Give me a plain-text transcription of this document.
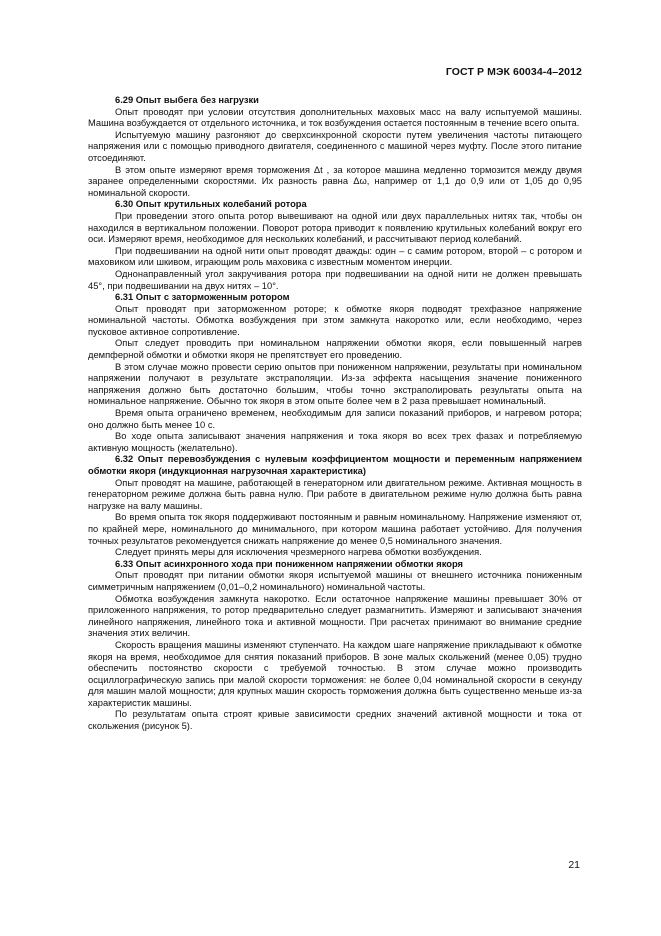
ГОСТ Р МЭК 60034-4–2012

6.29 Опыт выбега без нагрузки

Опыт проводят при условии отсутствия дополнительных маховых масс на валу испытуемой машины. Машина возбуждается от отдельного источника, и ток возбуждения остается постоянным в течение всего опыта.

Испытуемую машину разгоняют до сверхсинхронной скорости путем увеличения частоты питающего напряжения или с помощью приводного двигателя, соединенного с машиной через муфту. После этого питание отсоединяют.

В этом опыте измеряют время торможения Δt , за которое машина медленно тормозится между двумя заранее определенными скоростями. Их разность равна Δω, например от 1,1 до 0,9 или от 1,05 до 0,95 номинальной скорости.

6.30 Опыт крутильных колебаний ротора

При проведении этого опыта ротор вывешивают на одной или двух параллельных нитях так, чтобы он находился в вертикальном положении. Поворот ротора приводит к появлению крутильных колебаний вокруг его оси. Измеряют время, необходимое для нескольких колебаний, и рассчитывают период колебаний.

При подвешивании на одной нити опыт проводят дважды: один – с самим ротором, второй – с ротором и маховиком или шкивом, играющим роль маховика с известным моментом инерции.

Однонаправленный угол закручивания ротора при подвешивании на одной нити не должен превышать 45°, при подвешивании на двух нитях – 10°.

6.31 Опыт с заторможенным ротором

Опыт проводят при заторможенном роторе; к обмотке якоря подводят трехфазное напряжение номинальной частоты. Обмотка возбуждения при этом замкнута накоротко или, если необходимо, через пусковое активное сопротивление.

Опыт следует проводить при номинальном напряжении обмотки якоря, если повышенный нагрев демпферной обмотки и обмотки якоря не препятствует его проведению.

В этом случае можно провести серию опытов при пониженном напряжении, результаты при номинальном напряжении получают в результате экстраполяции. Из-за эффекта насыщения значение пониженного напряжения должно быть достаточно большим, чтобы точно экстраполировать результаты опыта на номинальное напряжение. Обычно ток якоря в этом опыте более чем в 2 раза превышает номинальный.

Время опыта ограничено временем, необходимым для записи показаний приборов, и нагревом ротора; оно должно быть менее 10 с.

Во ходе опыта записывают значения напряжения и тока якоря во всех трех фазах и потребляемую активную мощность (желательно).

6.32 Опыт перевозбуждения с нулевым коэффициентом мощности и переменным напряжением обмотки якоря (индукционная нагрузочная характеристика)

Опыт проводят на машине, работающей в генераторном или двигательном режиме. Активная мощность в генераторном режиме должна быть равна нулю. При работе в двигательном режиме нулю должна быть равна нагрузке на валу машины.

Во время опыта ток якоря поддерживают постоянным и равным номинальному. Напряжение изменяют от, по крайней мере, номинального до минимального, при котором машина работает устойчиво. Для получения точных результатов рекомендуется снижать напряжение до менее 0,5 номинального значения.

Следует принять меры для исключения чрезмерного нагрева обмотки возбуждения.

6.33 Опыт асинхронного хода при пониженном напряжении обмотки якоря

Опыт проводят при питании обмотки якоря испытуемой машины от внешнего источника пониженным симметричным напряжением (0,01–0,2 номинального) номинальной частоты.

Обмотка возбуждения замкнута накоротко. Если остаточное напряжение машины превышает 30% от приложенного напряжения, то ротор предварительно следует размагнитить. Измеряют и записывают значения линейного напряжения, линейного тока и активной мощности. При расчетах принимают во внимание средние значения этих величин.

Скорость вращения машины изменяют ступенчато. На каждом шаге напряжение прикладывают к обмотке якоря на время, необходимое для снятия показаний приборов. В зоне малых скольжений (менее 0,05) трудно обеспечить постоянство скорости с требуемой точностью. В этом случае можно производить осциллографическую запись при малой скорости торможения: не более 0,04 номинальной скорости в секунду для машин малой мощности; для крупных машин скорость торможения должна быть существенно меньше из-за характеристик машины.

По результатам опыта строят кривые зависимости средних значений активной мощности и тока от скольжения (рисунок 5).

21
